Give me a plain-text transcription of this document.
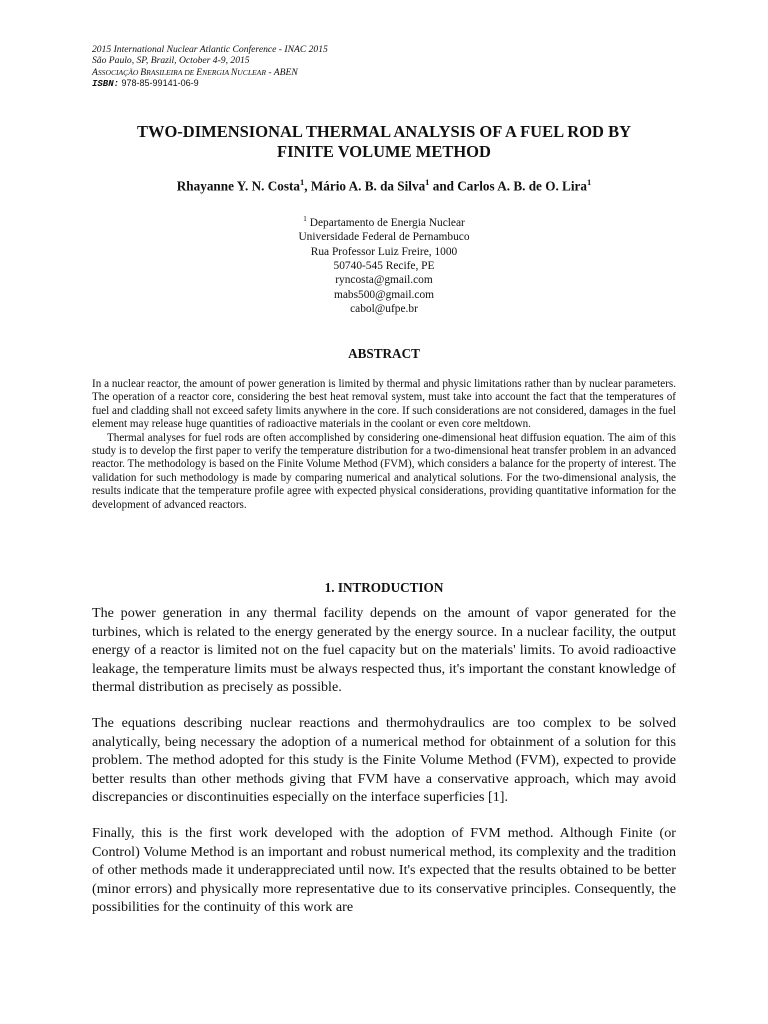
2015 International Nuclear Atlantic Conference - INAC 2015
São Paulo, SP, Brazil, October 4-9, 2015
ASSOCIAÇÃO BRASILEIRA DE ENERGIA NUCLEAR - ABEN
ISBN: 978-85-99141-06-9
TWO-DIMENSIONAL THERMAL ANALYSIS OF A FUEL ROD BY
FINITE VOLUME METHOD
Rhayanne Y. N. Costa$^1$, Mário A. B. da Silva$^1$ and Carlos A. B. de O. Lira$^1$
$^1$ Departamento de Energia Nuclear
Universidade Federal de Pernambuco
Rua Professor Luiz Freire, 1000
50740-545 Recife, PE
ryncosta@gmail.com
mabs500@gmail.com
cabol@ufpe.br
ABSTRACT

In a nuclear reactor, the amount of power generation is limited by thermal and physic limitations rather than by nuclear parameters. The operation of a reactor core, considering the best heat removal system, must take into account the fact that the temperatures of fuel and cladding shall not exceed safety limits anywhere in the core. If such considerations are not considered, damages in the fuel element may release huge quantities of radioactive materials in the coolant or even core meltdown.

Thermal analyses for fuel rods are often accomplished by considering one-dimensional heat diffusion equation. The aim of this study is to develop the first paper to verify the temperature distribution for a two-dimensional heat transfer problem in an advanced reactor. The methodology is based on the Finite Volume Method (FVM), which considers a balance for the property of interest. The validation for such methodology is made by comparing numerical and analytical solutions. For the two-dimensional analysis, the results indicate that the temperature profile agree with expected physical considerations, providing quantitative information for the development of advanced reactors.

1. INTRODUCTION

The power generation in any thermal facility depends on the amount of vapor generated for the turbines, which is related to the energy generated by the energy source. In a nuclear facility, the output energy of a reactor is limited not on the fuel capacity but on the materials' limits. To avoid radioactive leakage, the temperature limits must be always respected thus, it's important the constant knowledge of thermal distribution as precisely as possible.

The equations describing nuclear reactions and thermohydraulics are too complex to be solved analytically, being necessary the adoption of a numerical method for obtainment of a solution for this problem. The method adopted for this study is the Finite Volume Method (FVM), expected to provide better results than other methods giving that FVM have a conservative approach, which may avoid discrepancies or discontinuities especially on the interface superficies [1].

Finally, this is the first work developed with the adoption of FVM method. Although Finite (or Control) Volume Method is an important and robust numerical method, its complexity and the tradition of other methods made it underappreciated until now. It's expected that the results obtained to be better (minor errors) and physically more representative due to its conservative principles. Consequently, the possibilities for the continuity of this work are
